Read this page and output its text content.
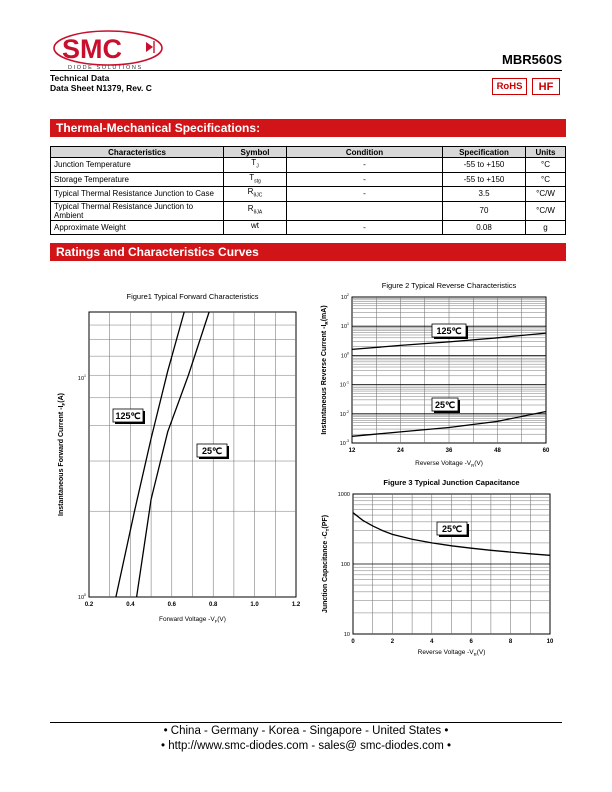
SMC
DIODE SOLUTIONS
MBR560S
Technical Data
Data Sheet N1379, Rev. C	RoHS	HF
Thermal-Mechanical Specifications:
Characteristics	Symbol	Condition	Specification	Units
Junction Temperature	$T_J$	-	-55 to +150	°C
Storage Temperature	$T_{stg}$	-	-55 to +150	°C
Typical Thermal Resistance Junction to Case	$R_{\theta JC}$	-	3.5	°C/W
Typical Thermal Resistance Junction to Ambient	$R_{\theta JA}$		70	°C/W
Approximate Weight	wt	-	0.08	g
Ratings and Characteristics Curves
Figure1 Typical Forward Characteristics
0.2	0.4	0.6	0.8	1.0	1.2
$10^0$
$10^1$
Forward Voltage $-V_F(V)$
Instantaneous Forward Current $-I_F(A)$
125℃
25℃
Figure 2 Typical Reverse Characteristics
12	24	36	48	60
$10^2$
$10^1$
$10^0$
$10^{-1}$
$10^{-2}$
$10^{-3}$
Reverse Voltage $-V_R(V)$
Instantaneous Reverse Current $-I_R(mA)$
125℃
25℃
Figure 3 Typical Junction Capacitance
0	2	4	6	8	10
1000
100
10
Reverse Voltage $-V_R(V)$
Junction Capacitance $-C_T(PF)$
25℃
• China - Germany - Korea - Singapore - United States •
• http://www.smc-diodes.com - sales@ smc-diodes.com •
